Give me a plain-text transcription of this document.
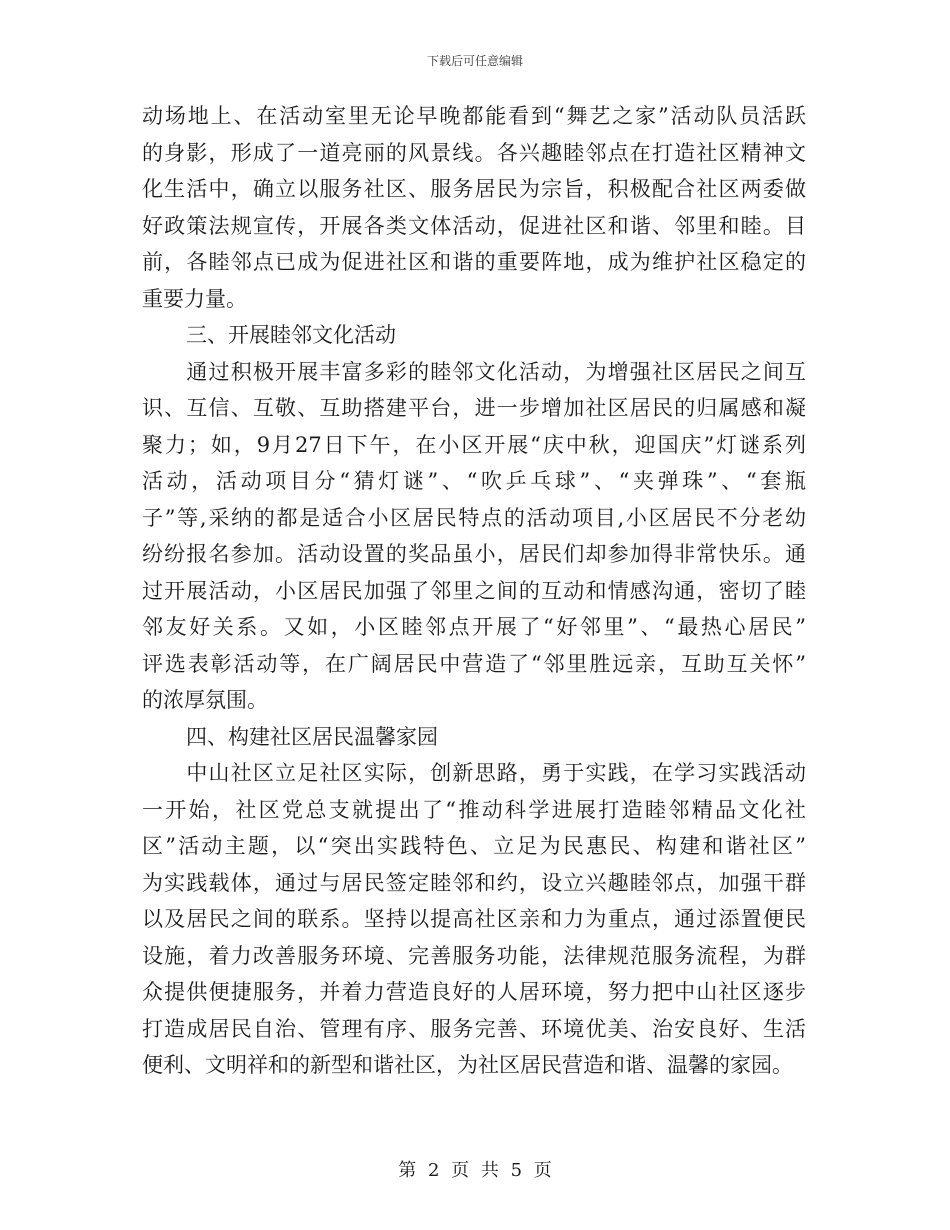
下载后可任意编辑

动场地上、在活动室里无论早晚都能看到“舞艺之家”活动队员活跃
的身影，形成了一道亮丽的风景线。各兴趣睦邻点在打造社区精神文
化生活中，确立以服务社区、服务居民为宗旨，积极配合社区两委做
好政策法规宣传，开展各类文体活动，促进社区和谐、邻里和睦。目
前，各睦邻点已成为促进社区和谐的重要阵地，成为维护社区稳定的
重要力量。

三、开展睦邻文化活动

　　通过积极开展丰富多彩的睦邻文化活动，为增强社区居民之间互
识、互信、互敬、互助搭建平台，进一步增加社区居民的归属感和凝
聚力；如，9月27日下午，在小区开展“庆中秋，迎国庆”灯谜系列
活动，活动项目分“猜灯谜”、“吹乒乓球”、“夹弹珠”、“套瓶
子”等,采纳的都是适合小区居民特点的活动项目,小区居民不分老幼
纷纷报名参加。活动设置的奖品虽小，居民们却参加得非常快乐。通
过开展活动，小区居民加强了邻里之间的互动和情感沟通，密切了睦
邻友好关系。又如，小区睦邻点开展了“好邻里”、“最热心居民”
评选表彰活动等，在广阔居民中营造了“邻里胜远亲，互助互关怀”
的浓厚氛围。

四、构建社区居民温馨家园

　　中山社区立足社区实际，创新思路，勇于实践，在学习实践活动
一开始，社区党总支就提出了“推动科学进展打造睦邻精品文化社
区”活动主题，以“突出实践特色、立足为民惠民、构建和谐社区”
为实践载体，通过与居民签定睦邻和约，设立兴趣睦邻点，加强干群
以及居民之间的联系。坚持以提高社区亲和力为重点，通过添置便民
设施，着力改善服务环境、完善服务功能，法律规范服务流程，为群
众提供便捷服务，并着力营造良好的人居环境，努力把中山社区逐步
打造成居民自治、管理有序、服务完善、环境优美、治安良好、生活
便利、文明祥和的新型和谐社区，为社区居民营造和谐、温馨的家园。

第 2 页 共 5 页
